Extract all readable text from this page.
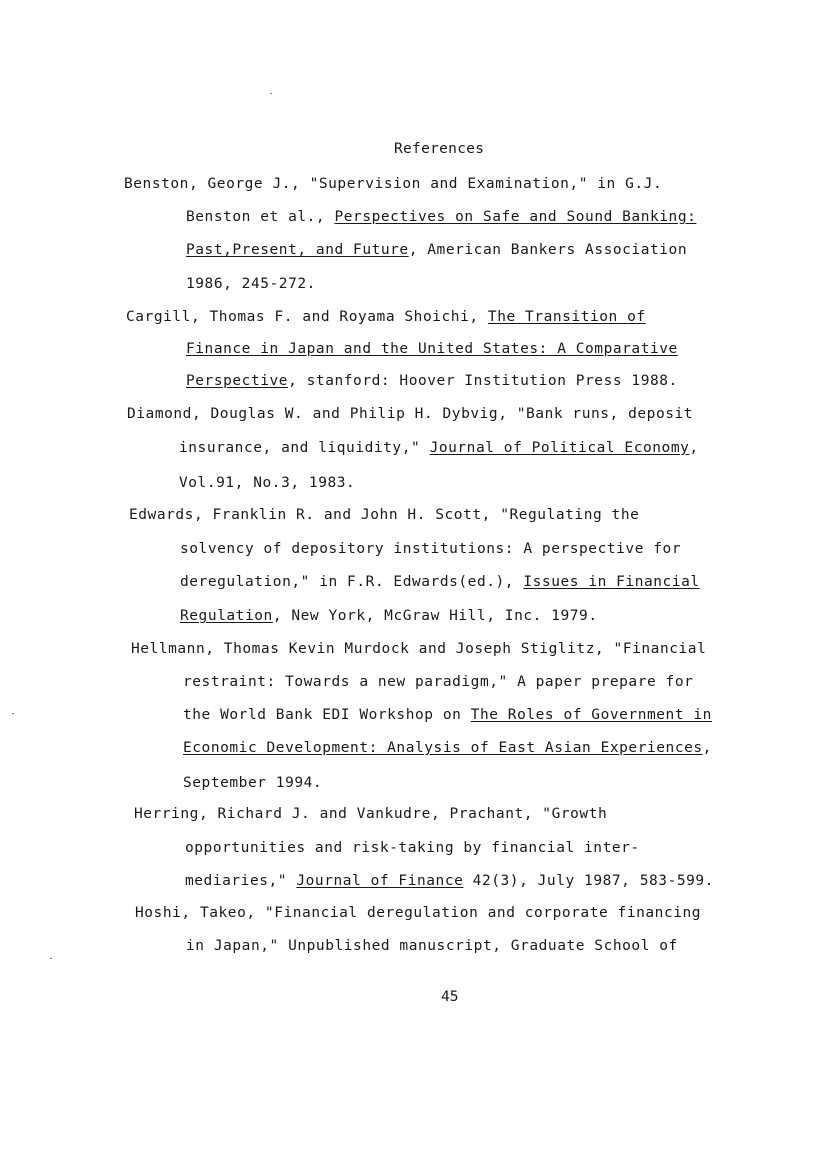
References
Benston, George J., "Supervision and Examination," in G.J.
Benston et al., Perspectives on Safe and Sound Banking:
Past,Present, and Future, American Bankers Association
1986, 245-272.
Cargill, Thomas F. and Royama Shoichi, The Transition of
Finance in Japan and the United States: A Comparative
Perspective, stanford: Hoover Institution Press 1988.
Diamond, Douglas W. and Philip H. Dybvig, "Bank runs, deposit
insurance, and liquidity," Journal of Political Economy,
Vol.91, No.3, 1983.
Edwards, Franklin R. and John H. Scott, "Regulating the
solvency of depository institutions: A perspective for
deregulation," in F.R. Edwards(ed.), Issues in Financial
Regulation, New York, McGraw Hill, Inc. 1979.
Hellmann, Thomas Kevin Murdock and Joseph Stiglitz, "Financial
restraint: Towards a new paradigm," A paper prepare for
the World Bank EDI Workshop on The Roles of Government in
Economic Development: Analysis of East Asian Experiences,
September 1994.
Herring, Richard J. and Vankudre, Prachant, "Growth
opportunities and risk-taking by financial inter-
mediaries," Journal of Finance 42(3), July 1987, 583-599.
Hoshi, Takeo, "Financial deregulation and corporate financing
in Japan," Unpublished manuscript, Graduate School of
45
